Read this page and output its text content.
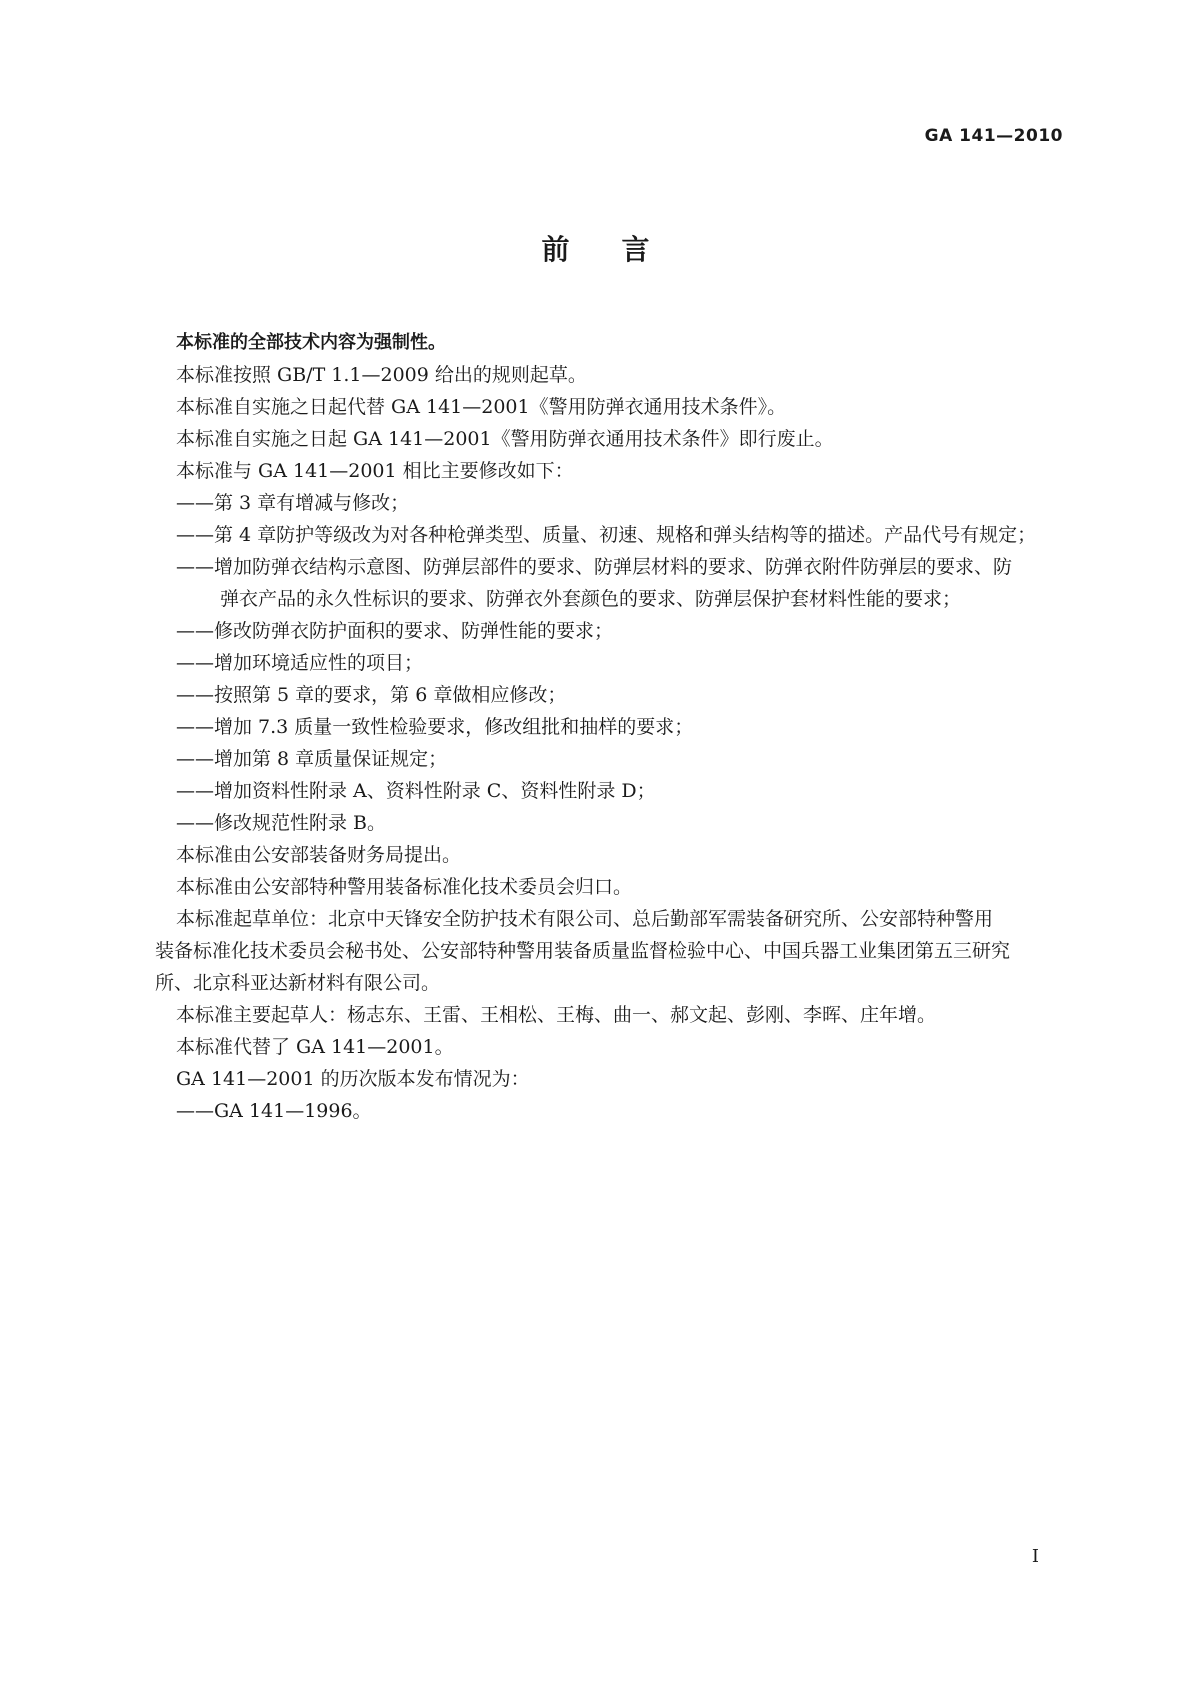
GA 141—2010
前言

本标准的全部技术内容为强制性。

本标准按照 GB/T 1.1—2009 给出的规则起草。

本标准自实施之日起代替 GA 141—2001《警用防弹衣通用技术条件》。

本标准自实施之日起 GA 141—2001《警用防弹衣通用技术条件》即行废止。

本标准与 GA 141—2001 相比主要修改如下：

——第 3 章有增减与修改；

——第 4 章防护等级改为对各种枪弹类型、质量、初速、规格和弹头结构等的描述。产品代号有规定；

——增加防弹衣结构示意图、防弹层部件的要求、防弹层材料的要求、防弹衣附件防弹层的要求、防

弹衣产品的永久性标识的要求、防弹衣外套颜色的要求、防弹层保护套材料性能的要求；

——修改防弹衣防护面积的要求、防弹性能的要求；

——增加环境适应性的项目；

——按照第 5 章的要求，第 6 章做相应修改；

——增加 7.3 质量一致性检验要求，修改组批和抽样的要求；

——增加第 8 章质量保证规定；

——增加资料性附录 A、资料性附录 C、资料性附录 D；

——修改规范性附录 B。

本标准由公安部装备财务局提出。

本标准由公安部特种警用装备标准化技术委员会归口。

本标准起草单位：北京中天锋安全防护技术有限公司、总后勤部军需装备研究所、公安部特种警用

装备标准化技术委员会秘书处、公安部特种警用装备质量监督检验中心、中国兵器工业集团第五三研究

所、北京科亚达新材料有限公司。

本标准主要起草人：杨志东、王雷、王相松、王梅、曲一、郝文起、彭刚、李晖、庄年增。

本标准代替了 GA 141—2001。

GA 141—2001 的历次版本发布情况为：

——GA 141—1996。

I
